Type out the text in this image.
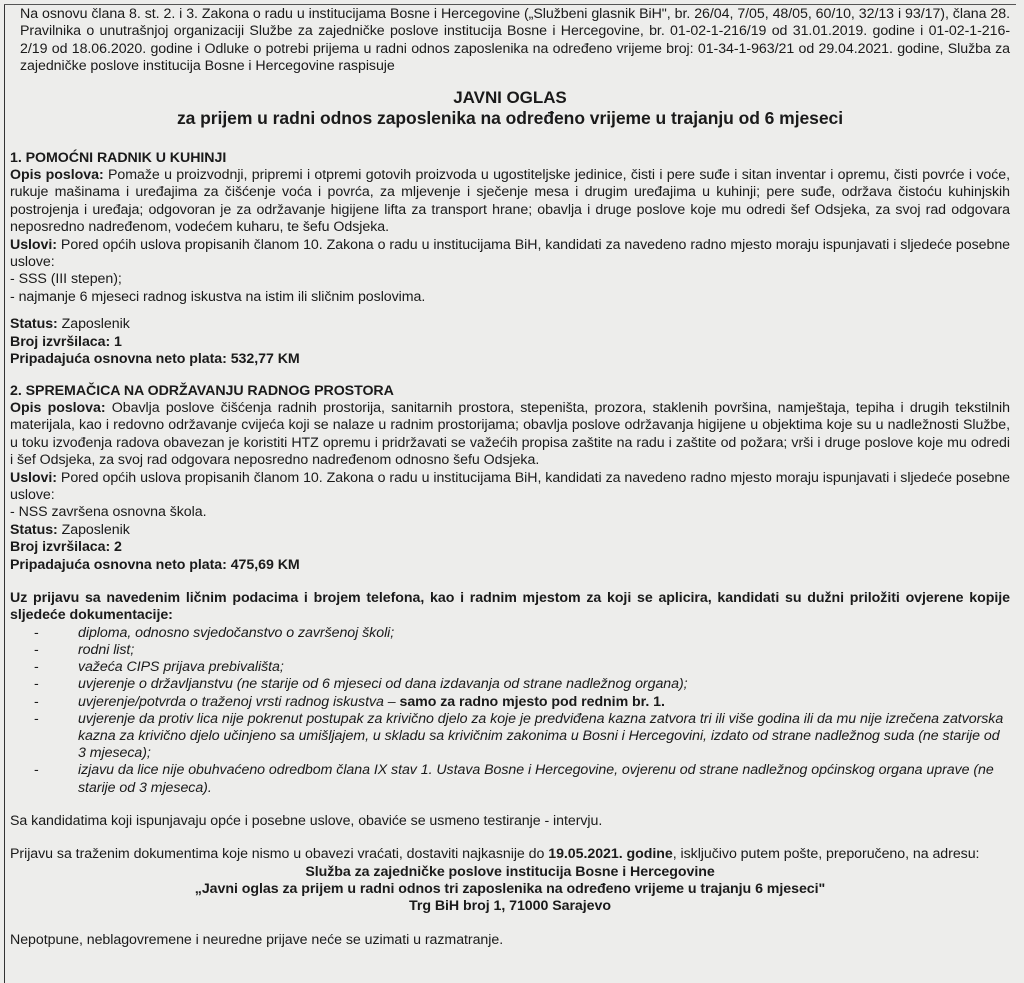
Na osnovu člana 8. st. 2. i 3. Zakona o radu u institucijama Bosne i Hercegovine („Službeni glasnik BiH", br. 26/04, 7/05, 48/05, 60/10, 32/13 i 93/17), člana 28. Pravilnika o unutrašnjoj organizaciji Službe za zajedničke poslove institucija Bosne i Hercegovine, br. 01-02-1-216/19 od 31.01.2019. godine i 01-02-1-216-2/19 od 18.06.2020. godine i Odluke o potrebi prijema u radni odnos zaposlenika na određeno vrijeme broj: 01-34-1-963/21 od 29.04.2021. godine, Služba za zajedničke poslove institucija Bosne i Hercegovine raspisuje

JAVNI OGLAS

za prijem u radni odnos zaposlenika na određeno vrijeme u trajanju od 6 mjeseci

1. POMOĆNI RADNIK U KUHINJI

Opis poslova: Pomaže u proizvodnji, pripremi i otpremi gotovih proizvoda u ugostiteljske jedinice, čisti i pere suđe i sitan inventar i opremu, čisti povrće i voće, rukuje mašinama i uređajima za čišćenje voća i povrća, za mljevenje i sječenje mesa i drugim uređajima u kuhinji; pere suđe, održava čistoću kuhinjskih postrojenja i uređaja; odgovoran je za održavanje higijene lifta za transport hrane; obavlja i druge poslove koje mu odredi šef Odsjeka, za svoj rad odgovara neposredno nadređenom, vodećem kuharu, te šefu Odsjeka.

Uslovi: Pored općih uslova propisanih članom 10. Zakona o radu u institucijama BiH, kandidati za navedeno radno mjesto moraju ispunjavati i sljedeće posebne uslove:

- SSS (III stepen);

- najmanje 6 mjeseci radnog iskustva na istim ili sličnim poslovima.

Status: Zaposlenik

Broj izvršilaca: 1

Pripadajuća osnovna neto plata: 532,77 KM

2. SPREMAČICA NA ODRŽAVANJU RADNOG PROSTORA

Opis poslova: Obavlja poslove čišćenja radnih prostorija, sanitarnih prostora, stepeništa, prozora, staklenih površina, namještaja, tepiha i drugih tekstilnih materijala, kao i redovno održavanje cvijeća koji se nalaze u radnim prostorijama; obavlja poslove održavanja higijene u objektima koje su u nadležnosti Službe, u toku izvođenja radova obavezan je koristiti HTZ opremu i pridržavati se važećih propisa zaštite na radu i zaštite od požara; vrši i druge poslove koje mu odredi i šef Odsjeka, za svoj rad odgovara neposredno nadređenom odnosno šefu Odsjeka.

Uslovi: Pored općih uslova propisanih članom 10. Zakona o radu u institucijama BiH, kandidati za navedeno radno mjesto moraju ispunjavati i sljedeće posebne uslove:

- NSS završena osnovna škola.

Status: Zaposlenik

Broj izvršilaca: 2

Pripadajuća osnovna neto plata: 475,69 KM

Uz prijavu sa navedenim ličnim podacima i brojem telefona, kao i radnim mjestom za koji se aplicira, kandidati su dužni priložiti ovjerene kopije sljedeće dokumentacije:

- diploma, odnosno svjedočanstvo o završenoj školi;
- rodni list;
- važeća CIPS prijava prebivališta;
- uvjerenje o državljanstvu (ne starije od 6 mjeseci od dana izdavanja od strane nadležnog organa);
- uvjerenje/potvrda o traženoj vrsti radnog iskustva – samo za radno mjesto pod rednim br. 1.
- uvjerenje da protiv lica nije pokrenut postupak za krivično djelo za koje je predviđena kazna zatvora tri ili više godina ili da mu nije izrečena zatvorska kazna za krivično djelo učinjeno sa umišljajem, u skladu sa krivičnim zakonima u Bosni i Hercegovini, izdato od strane nadležnog suda (ne starije od 3 mjeseca);
- izjavu da lice nije obuhvaćeno odredbom člana IX stav 1. Ustava Bosne i Hercegovine, ovjerenu od strane nadležnog općinskog organa uprave (ne starije od 3 mjeseca).

Sa kandidatima koji ispunjavaju opće i posebne uslove, obaviće se usmeno testiranje - intervju.

Prijavu sa traženim dokumentima koje nismo u obavezi vraćati, dostaviti najkasnije do 19.05.2021. godine, isključivo putem pošte, preporučeno, na adresu:

Služba za zajedničke poslove institucija Bosne i Hercegovine

„Javni oglas za prijem u radni odnos tri zaposlenika na određeno vrijeme u trajanju 6 mjeseci"

Trg BiH broj 1, 71000 Sarajevo

Nepotpune, neblagovremene i neuredne prijave neće se uzimati u razmatranje.
